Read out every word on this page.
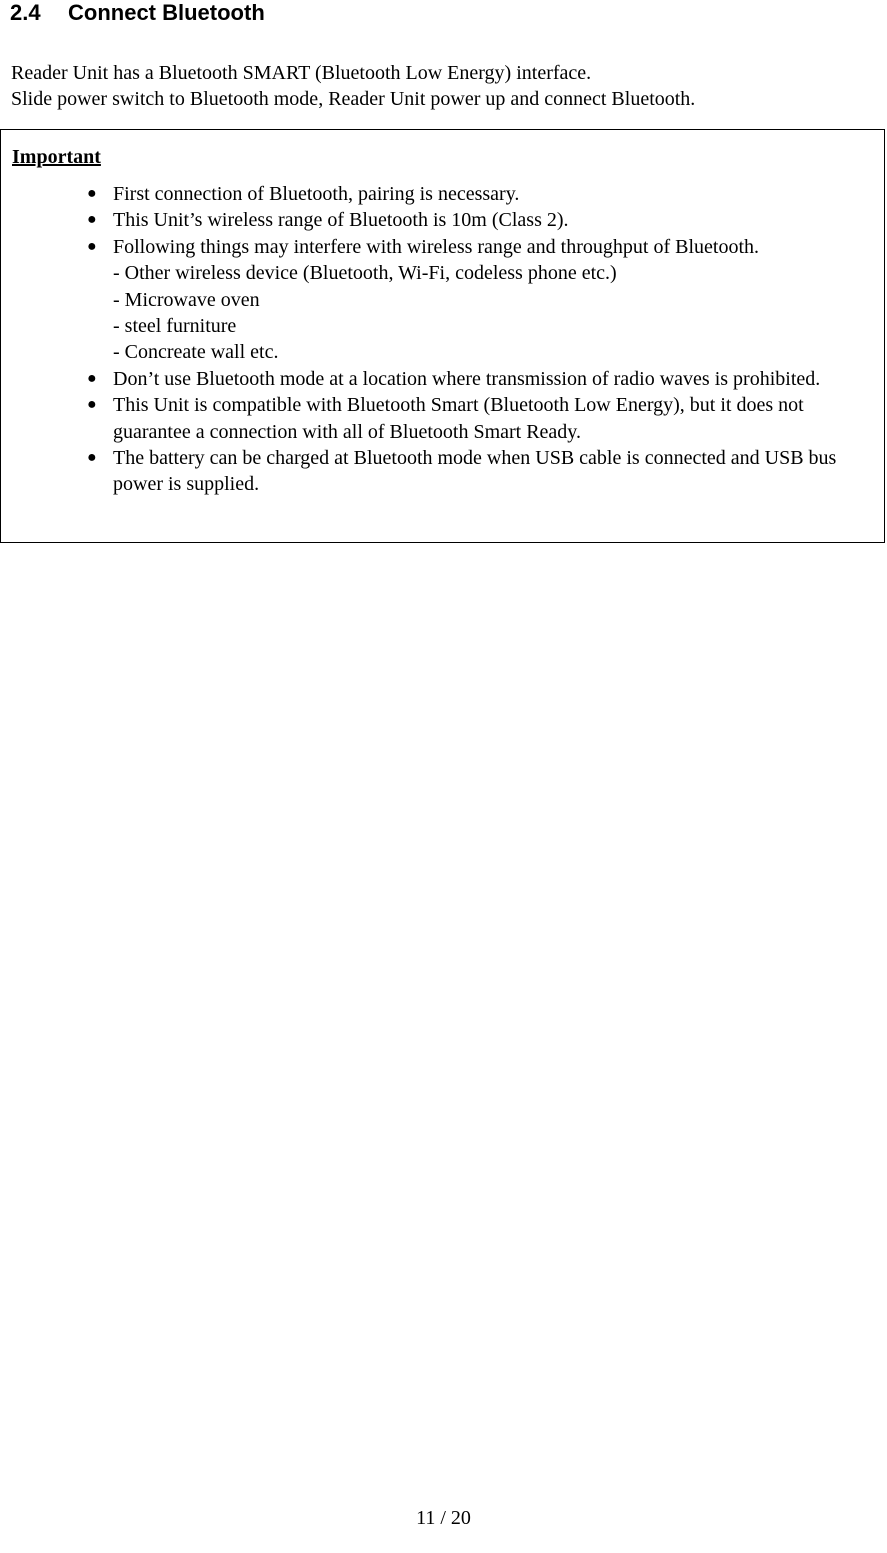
2.4 Connect Bluetooth

Reader Unit has a Bluetooth SMART (Bluetooth Low Energy) interface.

Slide power switch to Bluetooth mode, Reader Unit power up and connect Bluetooth.

Important
● First connection of Bluetooth, pairing is necessary.
● This Unit’s wireless range of Bluetooth is 10m (Class 2).
● Following things may interfere with wireless range and throughput of Bluetooth.
- Other wireless device (Bluetooth, Wi-Fi, codeless phone etc.)
- Microwave oven
- steel furniture
- Concreate wall etc.
● Don’t use Bluetooth mode at a location where transmission of radio waves is prohibited.
● This Unit is compatible with Bluetooth Smart (Bluetooth Low Energy), but it does not guarantee a connection with all of Bluetooth Smart Ready.
● The battery can be charged at Bluetooth mode when USB cable is connected and USB bus power is supplied.
11 / 20
